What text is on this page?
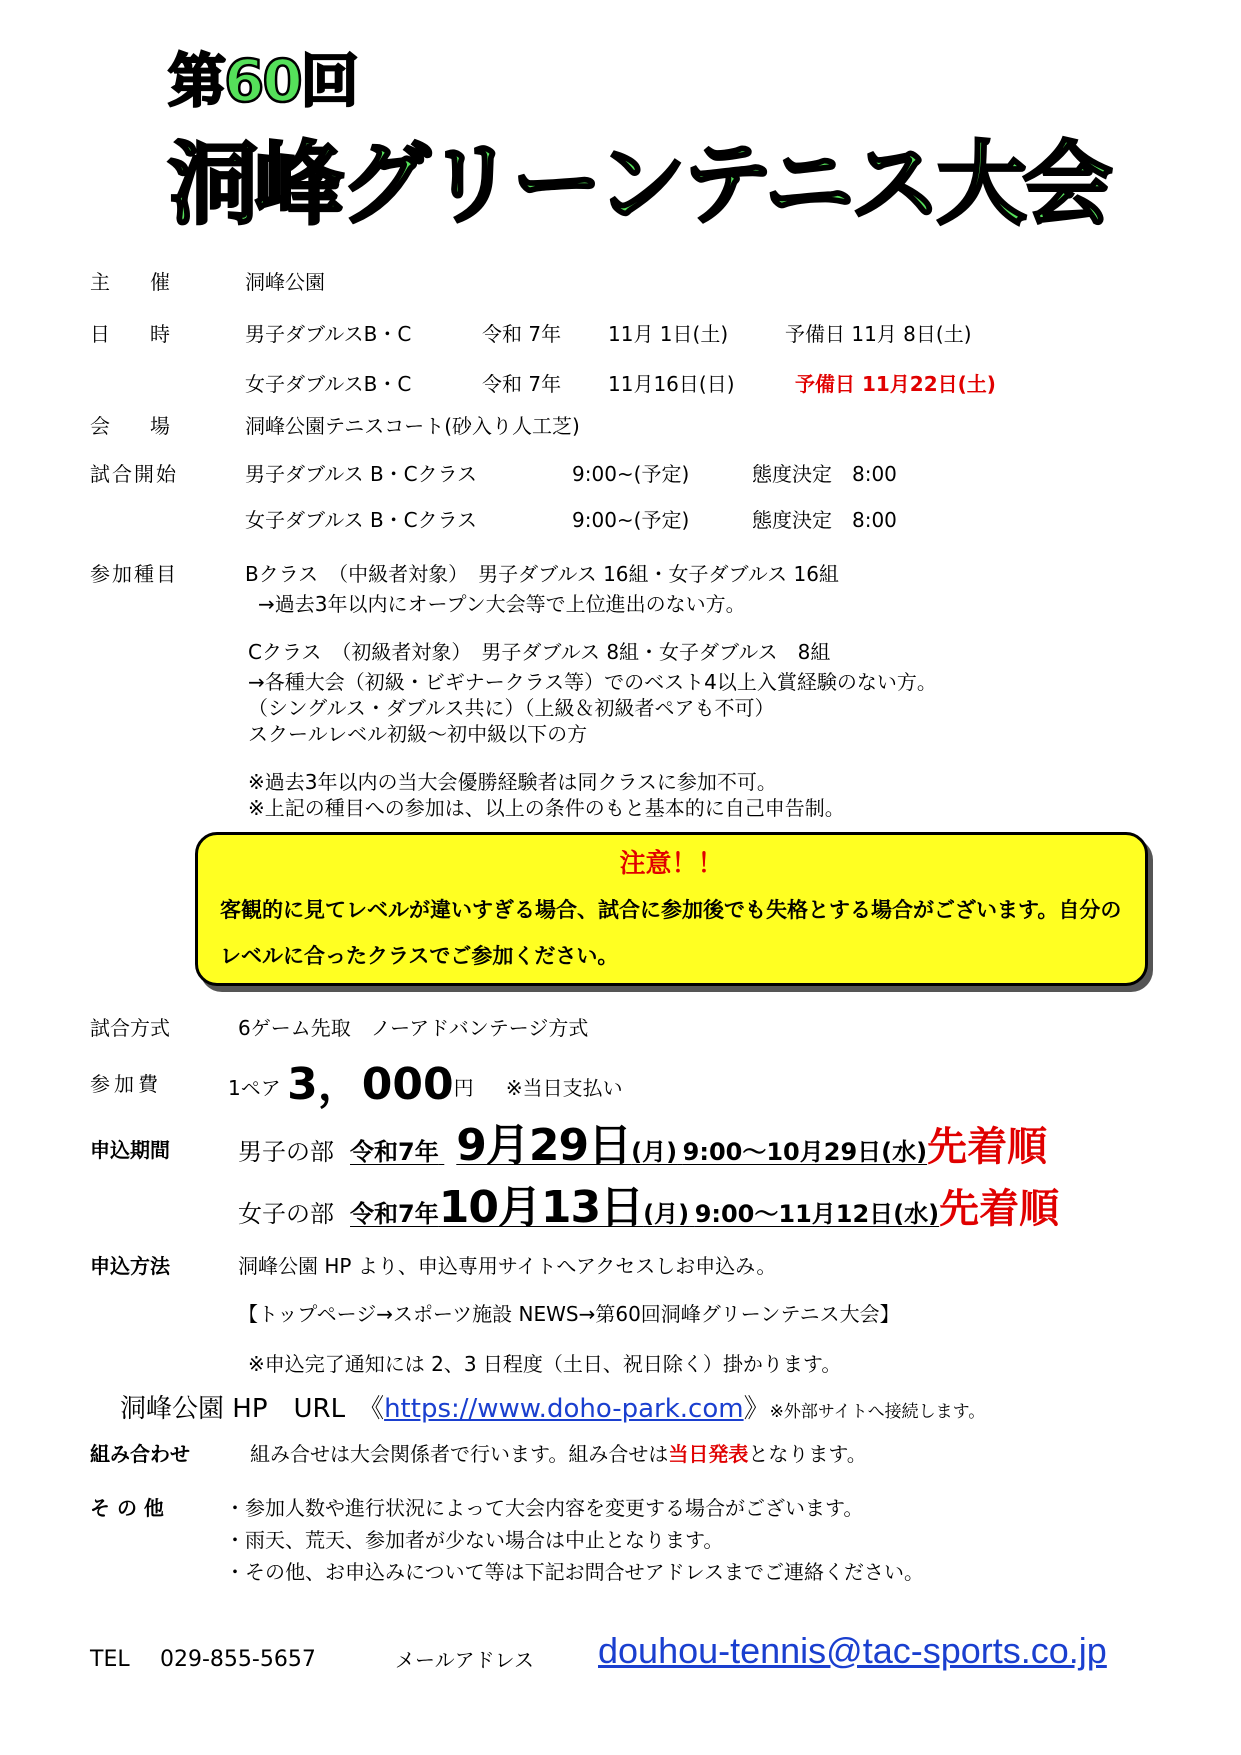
第60回
洞峰グリーンテニス大会
主　　催	洞峰公園
日　　時	男子ダブルスB・C	令和 7年 11月 1日(土)	予備日 11月 8日(土)
女子ダブルスB・C	令和 7年 11月16日(日)	予備日 11月22日(土)
会　　場	洞峰公園テニスコート(砂入り人工芝)
試合開始	男子ダブルス B・Cクラス	9:00~(予定)	態度決定　8:00
女子ダブルス B・Cクラス	9:00~(予定)	態度決定　8:00
参加種目	Bクラス　（中級者対象）　男子ダブルス 16組・女子ダブルス 16組
→過去3年以内にオープン大会等で上位進出のない方。
Cクラス　（初級者対象）　男子ダブルス 8組・女子ダブルス　8組
→各種大会（初級・ビギナークラス等）でのベスト4以上入賞経験のない方。
（シングルス・ダブルス共に）（上級＆初級者ペアも不可）
スクールレベル初級～初中級以下の方
※過去3年以内の当大会優勝経験者は同クラスに参加不可。
※上記の種目への参加は、以上の条件のもと基本的に自己申告制。
注意！！
客観的に見てレベルが違いすぎる場合、試合に参加後でも失格とする場合がございます。自分のレベルに合ったクラスでご参加ください。
試合方式	6ゲーム先取　ノーアドバンテージ方式
参加費	1ペア 3，000円 ※当日支払い
申込期間	男子の部 令和7年 9月29日(月) 9:00～10月29日(水)先着順
女子の部 令和7年10月13日(月) 9:00～11月12日(水)先着順
申込方法	洞峰公園 HP より、申込専用サイトへアクセスしお申込み。
【トップページ→スポーツ施設 NEWS→第60回洞峰グリーンテニス大会】
※申込完了通知には 2、3 日程度（土日、祝日除く）掛かります。
洞峰公園 HP　URL　《https://www.doho-park.com》※外部サイトへ接続します。
組み合わせ	組み合せは大会関係者で行います。組み合せは当日発表となります。
そ の 他	・参加人数や進行状況によって大会内容を変更する場合がございます。
・雨天、荒天、参加者が少ない場合は中止となります。
・その他、お申込みについて等は下記お問合せアドレスまでご連絡ください。
TEL 029-855-5657	メールアドレス douhou-tennis@tac-sports.co.jp
